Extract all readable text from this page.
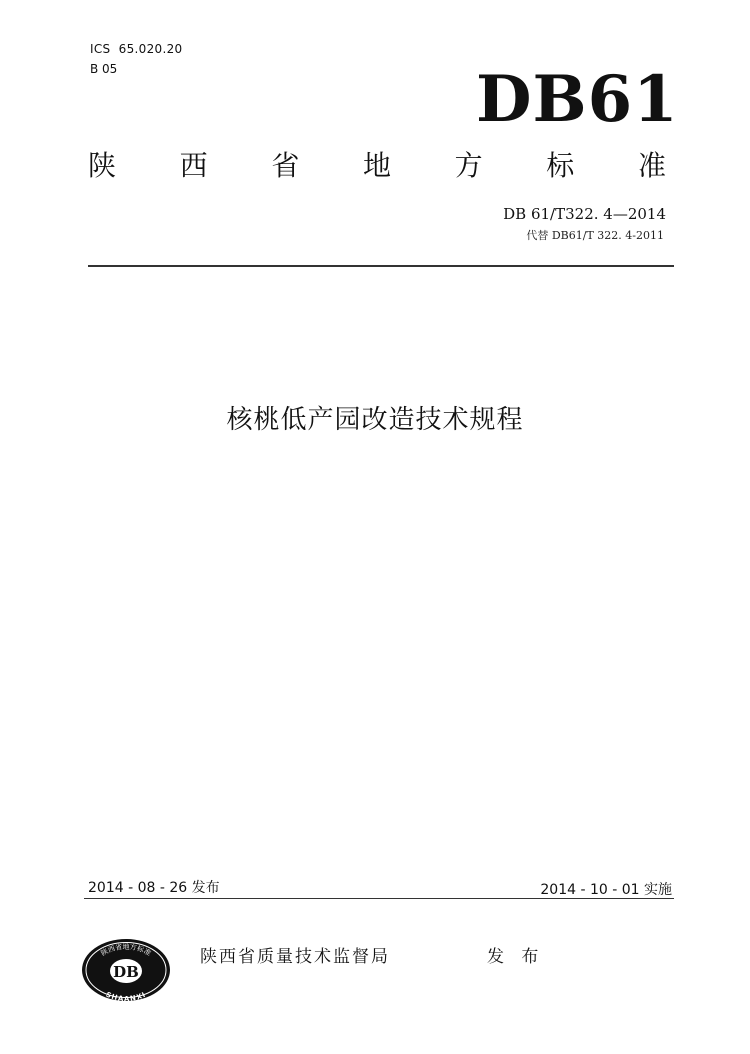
ICS  65.020.20
B 05	DB61
陕 西 省 地 方 标 准
DB 61/T322. 4—2014
代替 DB61/T 322. 4-2011
核桃低产园改造技术规程
2014 - 08 - 26 发布	2014 - 10 - 01 实施
DB
陕西省地方标准
SHAANXI
陕西省质量技术监督局	发 布
